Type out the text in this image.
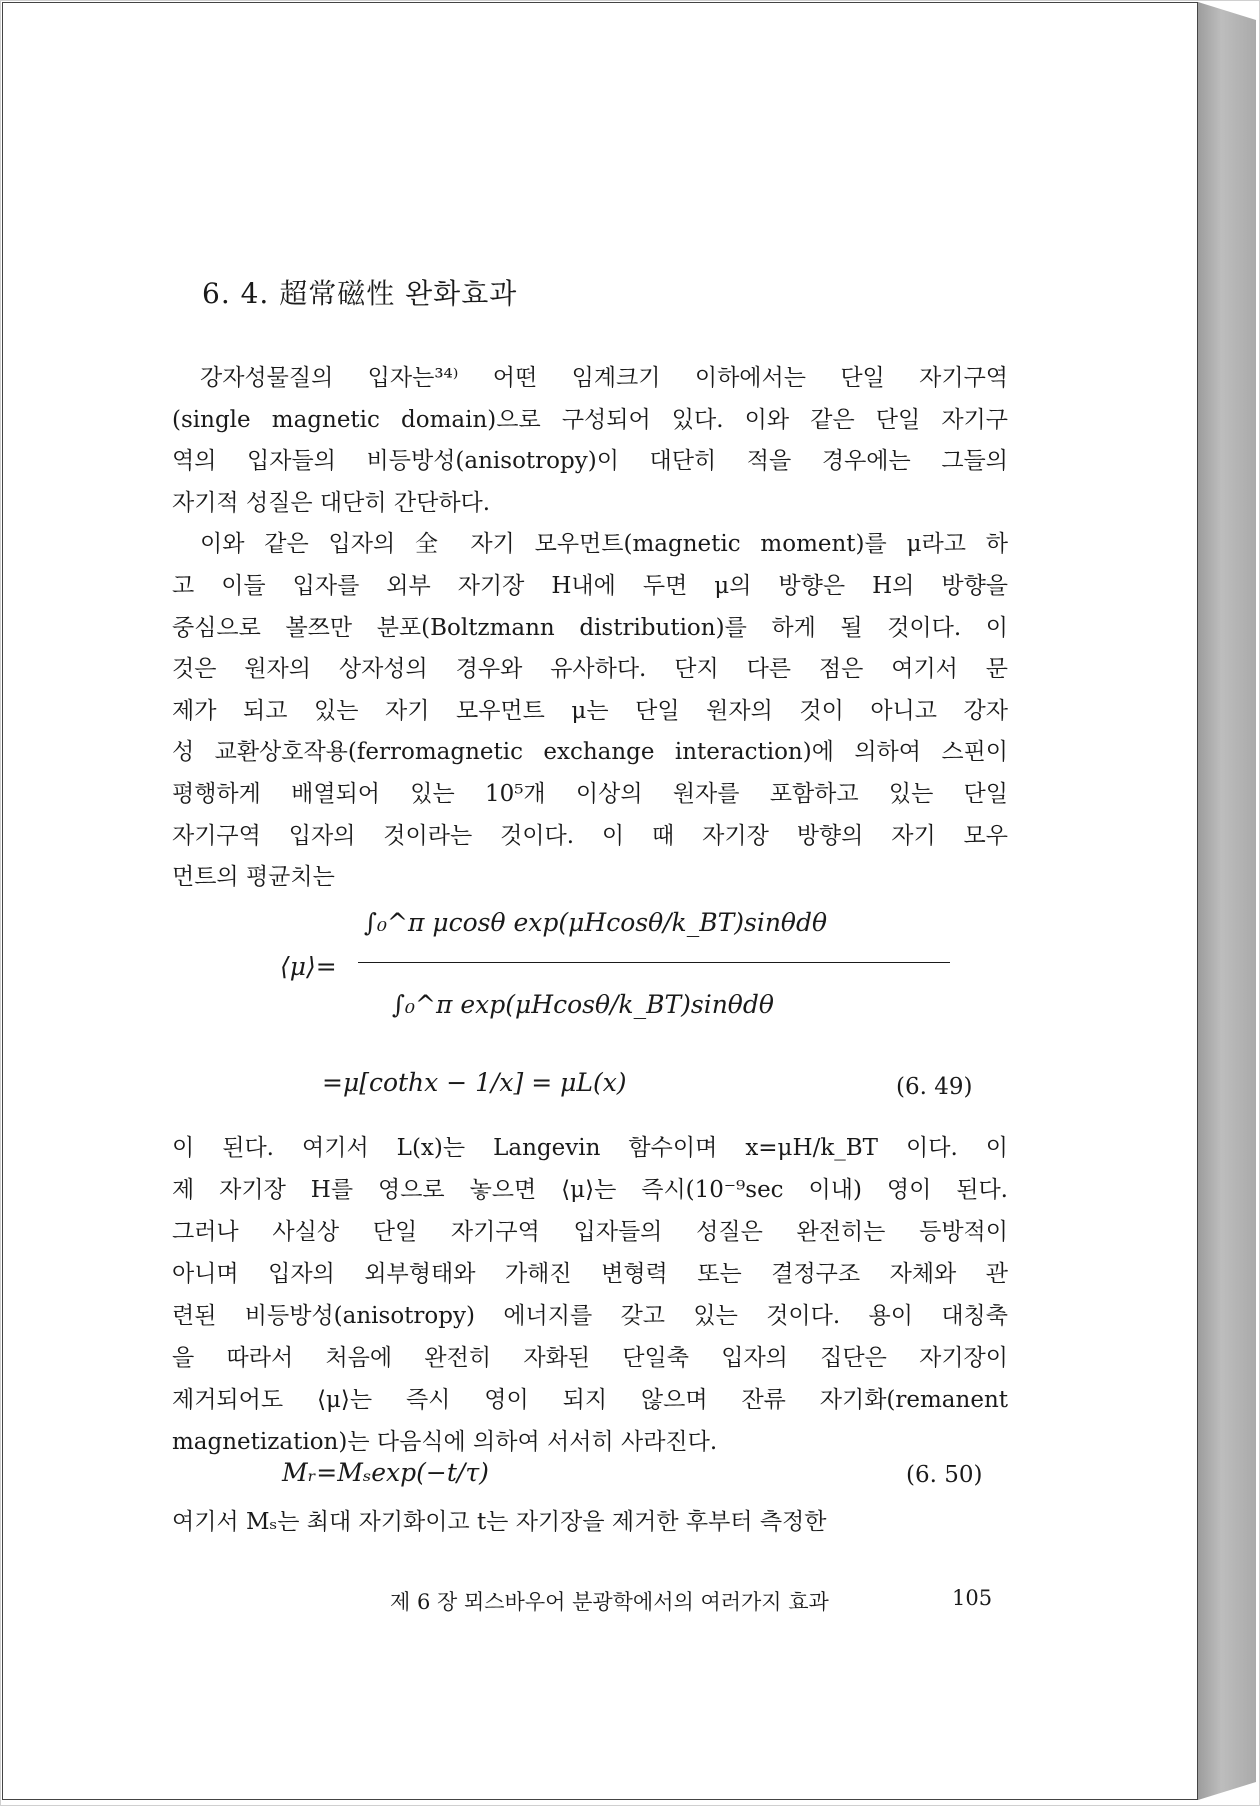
6. 4. 超常磁性 완화효과
강자성물질의 입자는³⁴⁾ 어떤 임계크기 이하에서는 단일 자기구역
(single magnetic domain)으로 구성되어 있다. 이와 같은 단일 자기구
역의 입자들의 비등방성(anisotropy)이 대단히 적을 경우에는 그들의
자기적 성질은 대단히 간단하다.
이와 같은 입자의 全 자기 모우먼트(magnetic moment)를 μ라고 하
고 이들 입자를 외부 자기장 H내에 두면 μ의 방향은 H의 방향을
중심으로 볼쯔만 분포(Boltzmann distribution)를 하게 될 것이다. 이
것은 원자의 상자성의 경우와 유사하다. 단지 다른 점은 여기서 문
제가 되고 있는 자기 모우먼트 μ는 단일 원자의 것이 아니고 강자
성 교환상호작용(ferromagnetic exchange interaction)에 의하여 스핀이
평행하게 배열되어 있는 10⁵개 이상의 원자를 포함하고 있는 단일
자기구역 입자의 것이라는 것이다. 이 때 자기장 방향의 자기 모우
먼트의 평균치는
⟨μ⟩=
∫₀^π μcosθ exp(μHcosθ/k_BT)sinθdθ
∫₀^π exp(μHcosθ/k_BT)sinθdθ
=μ[cothx − 1/x] = μL(x)	(6. 49)
이 된다. 여기서 L(x)는 Langevin 함수이며 x=μH/k_BT 이다. 이
제 자기장 H를 영으로 놓으면 ⟨μ⟩는 즉시(10⁻⁹sec 이내) 영이 된다.
그러나 사실상 단일 자기구역 입자들의 성질은 완전히는 등방적이
아니며 입자의 외부형태와 가해진 변형력 또는 결정구조 자체와 관
련된 비등방성(anisotropy) 에너지를 갖고 있는 것이다. 용이 대칭축
을 따라서 처음에 완전히 자화된 단일축 입자의 집단은 자기장이
제거되어도 ⟨μ⟩는 즉시 영이 되지 않으며 잔류 자기화(remanent
magnetization)는 다음식에 의하여 서서히 사라진다.
Mᵣ=Mₛexp(−t/τ)	(6. 50)
여기서 Mₛ는 최대 자기화이고 t는 자기장을 제거한 후부터 측정한
제 6 장 뫼스바우어 분광학에서의 여러가지 효과	105
